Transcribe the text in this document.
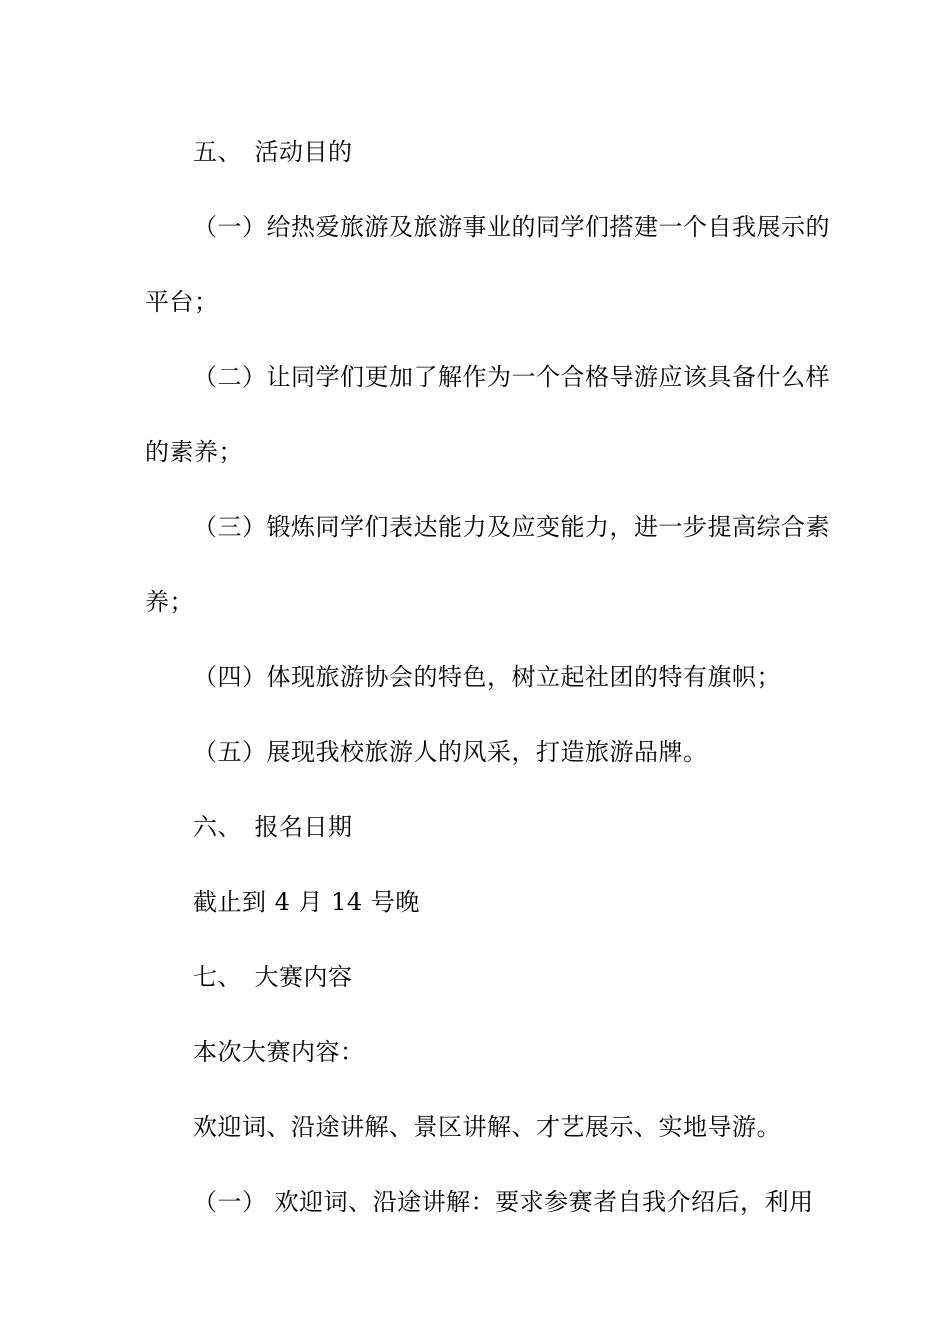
五、　活动目的
（一）给热爱旅游及旅游事业的同学们搭建一个自我展示的
平台；
（二）让同学们更加了解作为一个合格导游应该具备什么样
的素养；
（三）锻炼同学们表达能力及应变能力，进一步提高综合素
养；
（四）体现旅游协会的特色，树立起社团的特有旗帜；
（五）展现我校旅游人的风采，打造旅游品牌。
六、　报名日期
截止到 4 月 14 号晚
七、　大赛内容
本次大赛内容：
欢迎词、沿途讲解、景区讲解、才艺展示、实地导游。
（一） 欢迎词、沿途讲解：要求参赛者自我介绍后，利用
